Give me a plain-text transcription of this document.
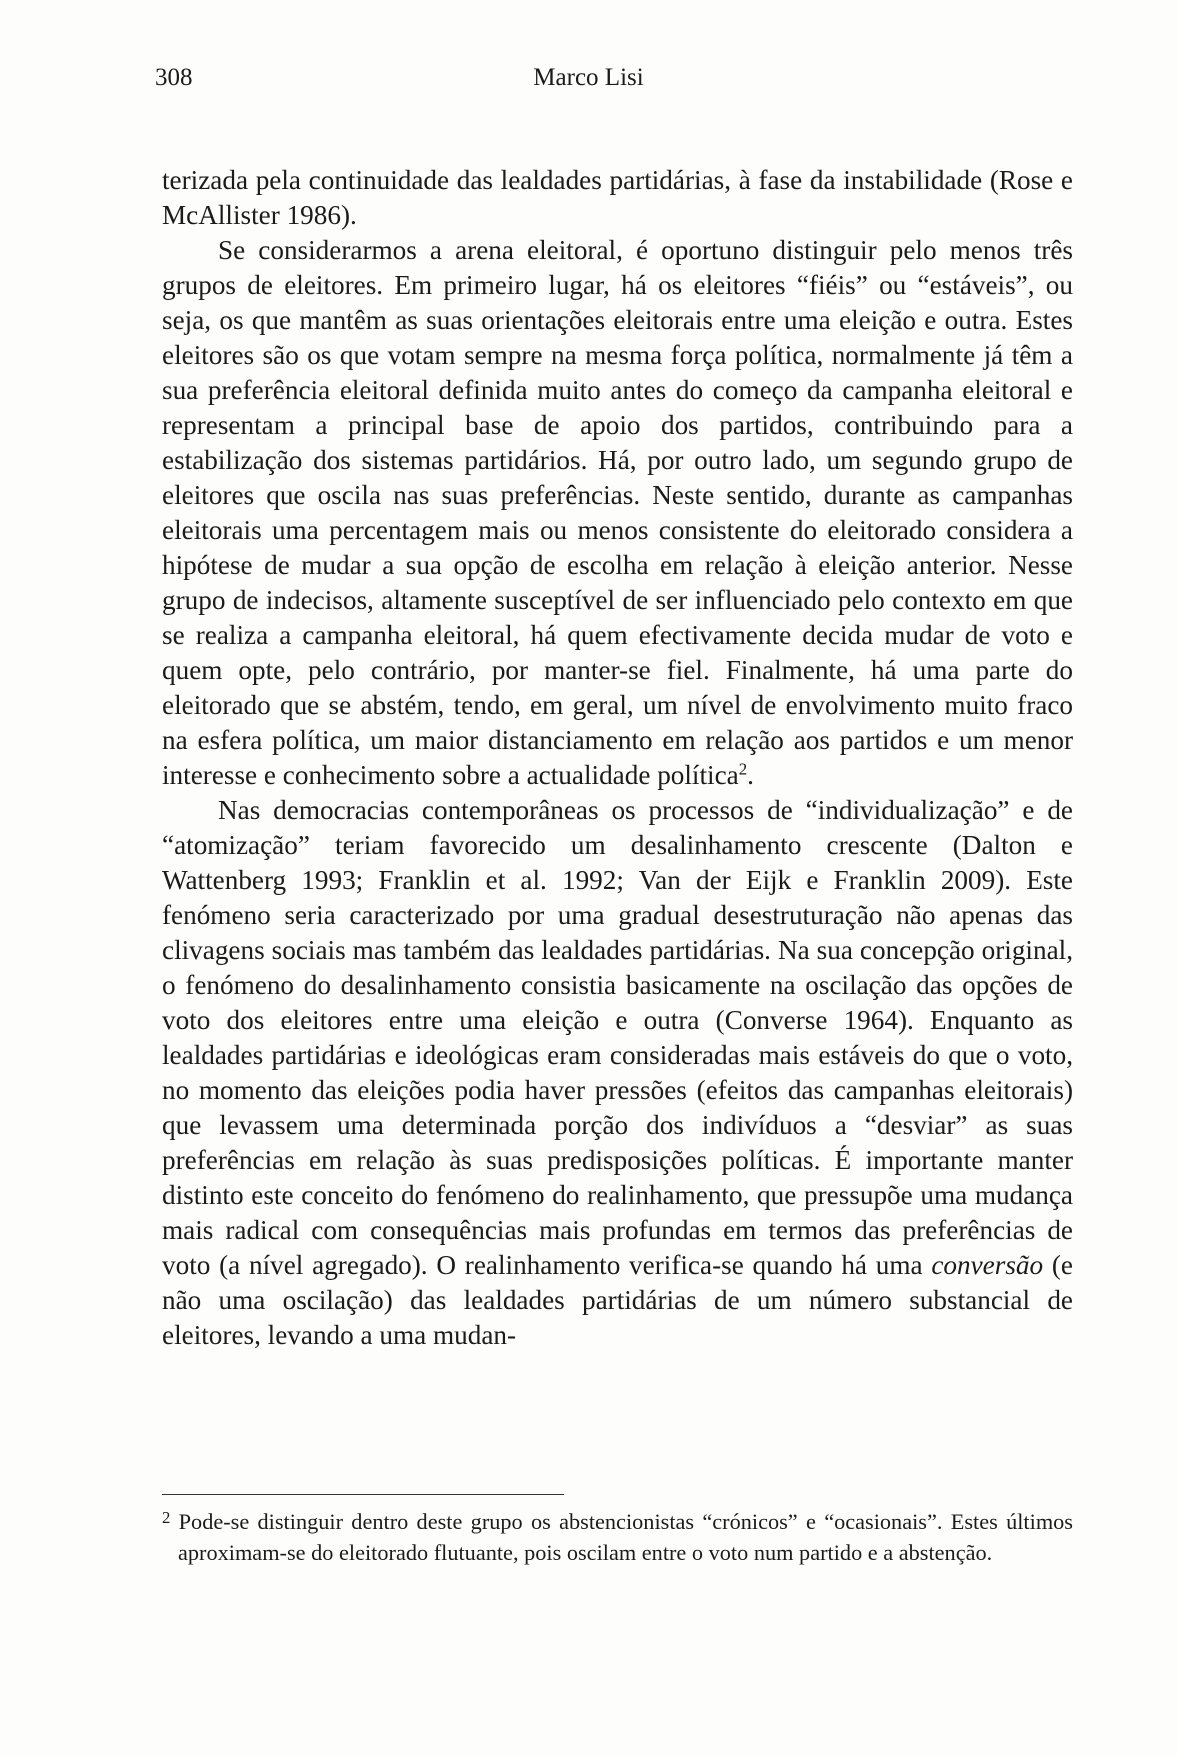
308	Marco Lisi

terizada pela continuidade das lealdades partidárias, à fase da instabilidade (Rose e McAllister 1986).

Se considerarmos a arena eleitoral, é oportuno distinguir pelo menos três grupos de eleitores. Em primeiro lugar, há os eleitores “fiéis” ou “estáveis”, ou seja, os que mantêm as suas orientações eleitorais entre uma eleição e outra. Estes eleitores são os que votam sempre na mesma força política, normalmente já têm a sua preferência eleitoral definida muito antes do começo da campanha eleitoral e representam a principal base de apoio dos partidos, contribuindo para a estabilização dos sistemas partidários. Há, por outro lado, um segundo grupo de eleitores que oscila nas suas preferências. Neste sentido, durante as campanhas eleitorais uma percentagem mais ou menos consistente do eleitorado considera a hipótese de mudar a sua opção de escolha em relação à eleição anterior. Nesse grupo de indecisos, altamente susceptível de ser influenciado pelo contexto em que se realiza a campanha eleitoral, há quem efectivamente decida mudar de voto e quem opte, pelo contrário, por manter-se fiel. Finalmente, há uma parte do eleitorado que se abstém, tendo, em geral, um nível de envolvimento muito fraco na esfera política, um maior distanciamento em relação aos partidos e um menor interesse e conhecimento sobre a actualidade política$^2$.

Nas democracias contemporâneas os processos de “individualização” e de “atomização” teriam favorecido um desalinhamento crescente (Dalton e Wattenberg 1993; Franklin et al. 1992; Van der Eijk e Franklin 2009). Este fenómeno seria caracterizado por uma gradual desestruturação não apenas das clivagens sociais mas também das lealdades partidárias. Na sua concepção original, o fenómeno do desalinhamento consistia basicamente na oscilação das opções de voto dos eleitores entre uma eleição e outra (Converse 1964). Enquanto as lealdades partidárias e ideológicas eram consideradas mais estáveis do que o voto, no momento das eleições podia haver pressões (efeitos das campanhas eleitorais) que levassem uma determinada porção dos indivíduos a “desviar” as suas preferências em relação às suas predisposições políticas. É importante manter distinto este conceito do fenómeno do realinhamento, que pressupõe uma mudança mais radical com consequências mais profundas em termos das preferências de voto (a nível agregado). O realinhamento verifica-se quando há uma conversão (e não uma oscilação) das lealdades partidárias de um número substancial de eleitores, levando a uma mudan-

$^2$ Pode-se distinguir dentro deste grupo os abstencionistas “crónicos” e “ocasionais”. Estes últimos aproximam-se do eleitorado flutuante, pois oscilam entre o voto num partido e a abstenção.
